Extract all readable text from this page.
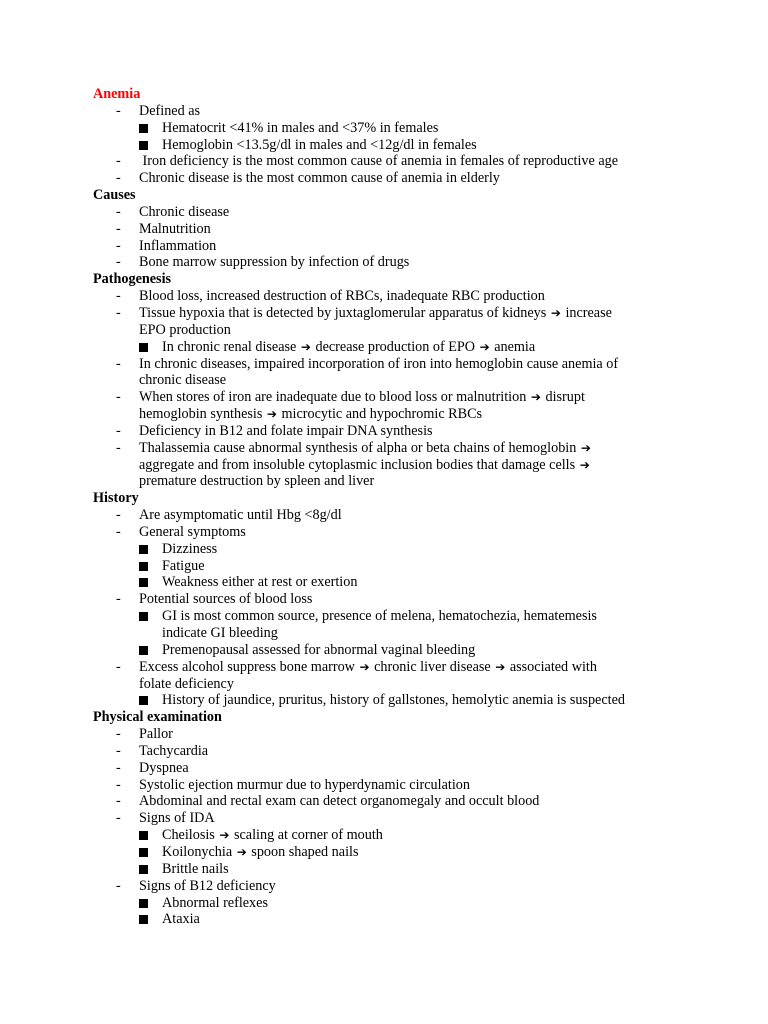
Anemia
- Defined as
Hematocrit <41% in males and <37% in females
Hemoglobin <13.5g/dl in males and <12g/dl in females
- Iron deficiency is the most common cause of anemia in females of reproductive age
- Chronic disease is the most common cause of anemia in elderly
Causes
- Chronic disease
- Malnutrition
- Inflammation
- Bone marrow suppression by infection of drugs
Pathogenesis
- Blood loss, increased destruction of RBCs, inadequate RBC production
- Tissue hypoxia that is detected by juxtaglomerular apparatus of kidneys ➔ increase
EPO production
In chronic renal disease ➔ decrease production of EPO ➔ anemia
- In chronic diseases, impaired incorporation of iron into hemoglobin cause anemia of
chronic disease
- When stores of iron are inadequate due to blood loss or malnutrition ➔ disrupt
hemoglobin synthesis ➔ microcytic and hypochromic RBCs
- Deficiency in B12 and folate impair DNA synthesis
- Thalassemia cause abnormal synthesis of alpha or beta chains of hemoglobin ➔
aggregate and from insoluble cytoplasmic inclusion bodies that damage cells ➔
premature destruction by spleen and liver
History
- Are asymptomatic until Hbg <8g/dl
- General symptoms
Dizziness
Fatigue
Weakness either at rest or exertion
- Potential sources of blood loss
GI is most common source, presence of melena, hematochezia, hematemesis
indicate GI bleeding
Premenopausal assessed for abnormal vaginal bleeding
- Excess alcohol suppress bone marrow ➔ chronic liver disease ➔ associated with
folate deficiency
History of jaundice, pruritus, history of gallstones, hemolytic anemia is suspected
Physical examination
- Pallor
- Tachycardia
- Dyspnea
- Systolic ejection murmur due to hyperdynamic circulation
- Abdominal and rectal exam can detect organomegaly and occult blood
- Signs of IDA
Cheilosis ➔ scaling at corner of mouth
Koilonychia ➔ spoon shaped nails
Brittle nails
- Signs of B12 deficiency
Abnormal reflexes
Ataxia
